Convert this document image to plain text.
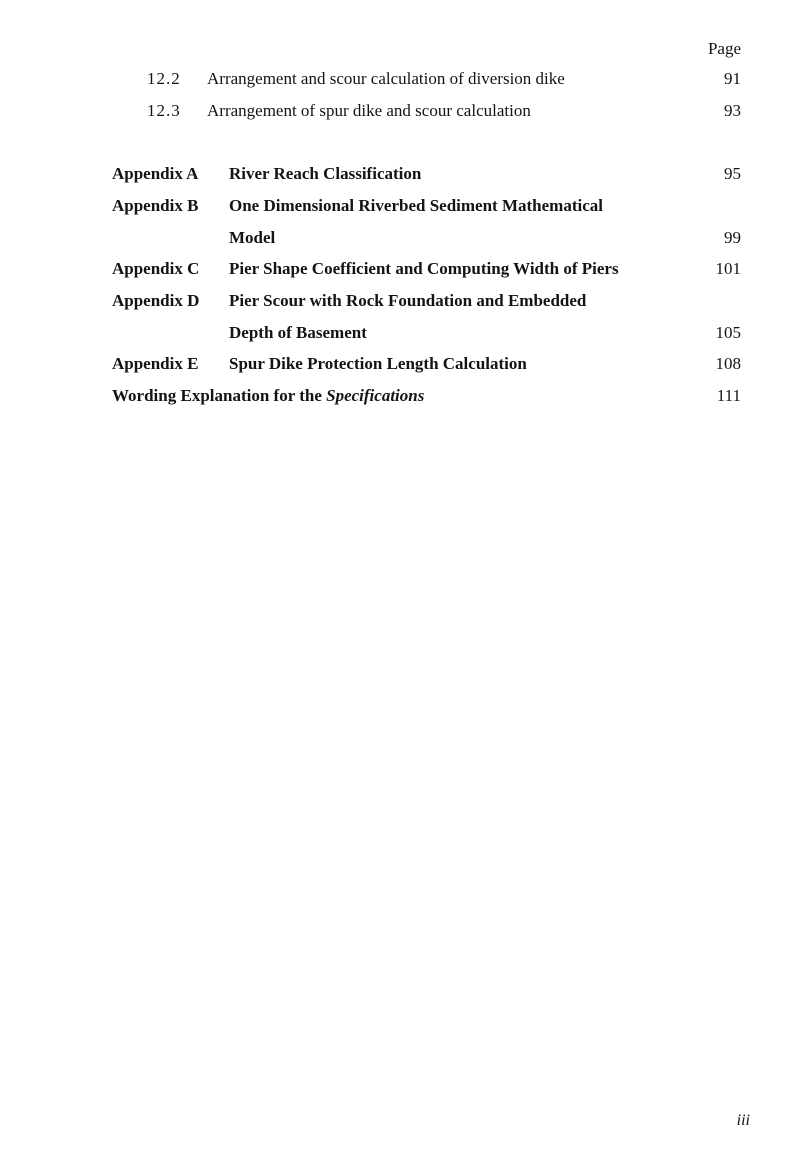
Page
12.2 Arrangement and scour calculation of diversion dike	91
12.3 Arrangement of spur dike and scour calculation	93
Appendix A River Reach Classification	95
Appendix B One Dimensional Riverbed Sediment Mathematical
Model	99
Appendix C Pier Shape Coefficient and Computing Width of Piers	101
Appendix D Pier Scour with Rock Foundation and Embedded
Depth of Basement	105
Appendix E Spur Dike Protection Length Calculation	108
Wording Explanation for the Specifications	111
iii
